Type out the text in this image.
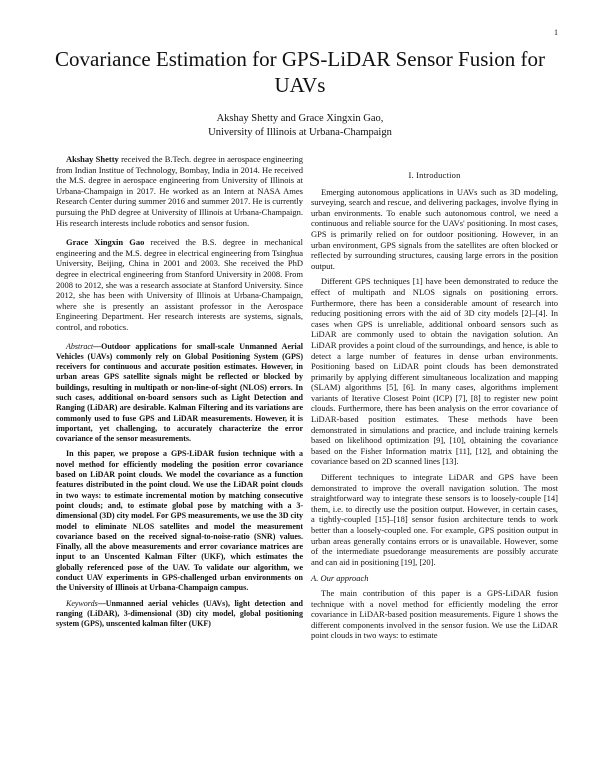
1
Covariance Estimation for GPS-LiDAR Sensor Fusion for UAVs
Akshay Shetty and Grace Xingxin Gao,
University of Illinois at Urbana-Champaign

Akshay Shetty received the B.Tech. degree in aerospace engineering from Indian Institue of Technology, Bombay, India in 2014. He received the M.S. degree in aerospace engineering from University of Illinois at Urbana-Champaign in 2017. He worked as an Intern at NASA Ames Research Center during summer 2016 and summer 2017. He is currently pursuing the PhD degree at University of Illinois at Urbana-Champaign. His research interests include robotics and sensor fusion.

Grace Xingxin Gao received the B.S. degree in mechanical engineering and the M.S. degree in electrical engineering from Tsinghua University, Beijing, China in 2001 and 2003. She received the PhD degree in electrical engineering from Stanford University in 2008. From 2008 to 2012, she was a research associate at Stanford University. Since 2012, she has been with University of Illinois at Urbana-Champaign, where she is presently an assistant professor in the Aerospace Engineering Department. Her research interests are systems, signals, control, and robotics.

Abstract—Outdoor applications for small-scale Unmanned Aerial Vehicles (UAVs) commonly rely on Global Positioning System (GPS) receivers for continuous and accurate position estimates. However, in urban areas GPS satellite signals might be reflected or blocked by buildings, resulting in multipath or non-line-of-sight (NLOS) errors. In such cases, additional on-board sensors such as Light Detection and Ranging (LiDAR) are desirable. Kalman Filtering and its variations are commonly used to fuse GPS and LiDAR measurements. However, it is important, yet challenging, to accurately characterize the error covariance of the sensor measurements.

In this paper, we propose a GPS-LiDAR fusion technique with a novel method for efficiently modeling the position error covariance based on LiDAR point clouds. We model the covariance as a function features distributed in the point cloud. We use the LiDAR point clouds in two ways: to estimate incremental motion by matching consecutive point clouds; and, to estimate global pose by matching with a 3-dimensional (3D) city model. For GPS measurements, we use the 3D city model to eliminate NLOS satellites and model the measurement covariance based on the received signal-to-noise-ratio (SNR) values. Finally, all the above measurements and error covariance matrices are input to an Unscented Kalman Filter (UKF), which estimates the globally referenced pose of the UAV. To validate our algorithm, we conduct UAV experiments in GPS-challenged urban environments on the University of Illinois at Urbana-Champaign campus.

Keywords—Unmanned aerial vehicles (UAVs), light detection and ranging (LiDAR), 3-dimensional (3D) city model, global positioning system (GPS), unscented kalman filter (UKF)

I. Introduction

Emerging autonomous applications in UAVs such as 3D modeling, surveying, search and rescue, and delivering packages, involve flying in urban environments. To enable such autonomous control, we need a continuous and reliable source for the UAVs' positioning. In most cases, GPS is primarily relied on for outdoor positioning. However, in an urban environment, GPS signals from the satellites are often blocked or reflected by surrounding structures, causing large errors in the position output.

Different GPS techniques [1] have been demonstrated to reduce the effect of multipath and NLOS signals on positioning errors. Furthermore, there has been a considerable amount of research into reducing positioning errors with the aid of 3D city models [2]–[4]. In cases when GPS is unreliable, additional onboard sensors such as LiDAR are commonly used to obtain the navigation solution. An LiDAR provides a point cloud of the surroundings, and hence, is able to detect a large number of features in dense urban environments. Positioning based on LiDAR point clouds has been demonstrated primarily by applying different simultaneous localization and mapping (SLAM) algorithms [5], [6]. In many cases, algorithms implement variants of Iterative Closest Point (ICP) [7], [8] to register new point clouds. Furthermore, there has been analysis on the error covariance of LiDAR-based position estimates. These methods have been demonstrated in simulations and practice, and include training kernels based on likelihood optimization [9], [10], obtaining the covariance based on the Fisher Information matrix [11], [12], and obtaining the covariance based on 2D scanned lines [13].

Different techniques to integrate LiDAR and GPS have been demonstrated to improve the overall navigation solution. The most straightforward way to integrate these sensors is to loosely-couple [14] them, i.e. to directly use the position output. However, in certain cases, a tightly-coupled [15]–[18] sensor fusion architecture tends to work better than a loosely-coupled one. For example, GPS position output in urban areas generally contains errors or is unavailable. However, some of the intermediate psuedorange measurements are possibly accurate and can aid in positioning [19], [20].

A. Our approach

The main contribution of this paper is a GPS-LiDAR fusion technique with a novel method for efficiently modeling the error covariance in LiDAR-based position measurements. Figure 1 shows the different components involved in the sensor fusion. We use the LiDAR point clouds in two ways: to estimate
